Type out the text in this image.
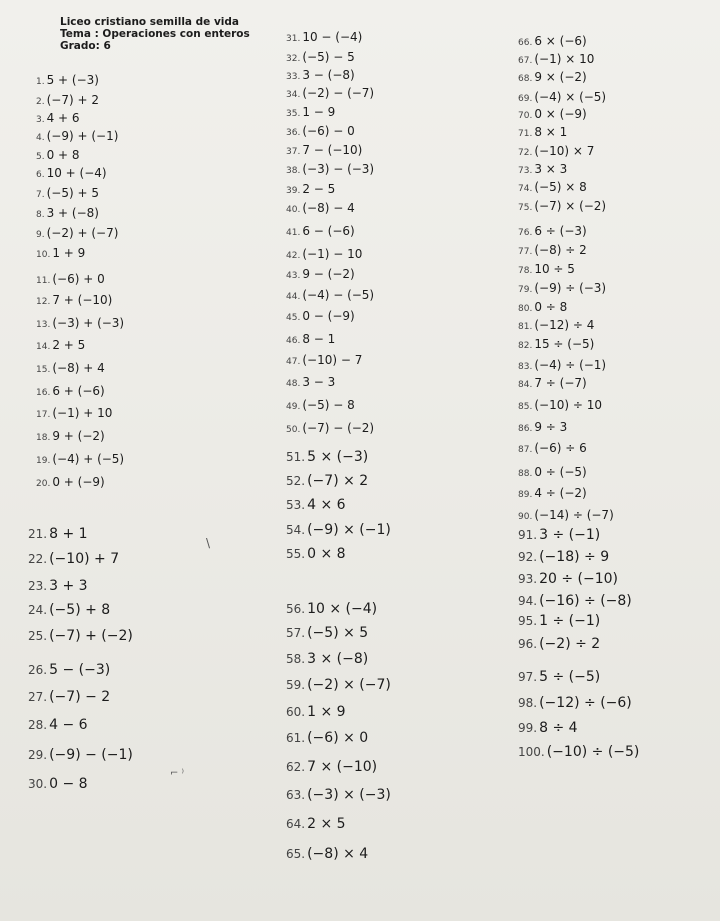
Liceo cristiano semilla de vida
Tema : Operaciones con enteros
Grado: 6
1. 5 + (−3)
2. (−7) + 2
3. 4 + 6
4. (−9) + (−1)
5. 0 + 8
6. 10 + (−4)
7. (−5) + 5
8. 3 + (−8)
9. (−2) + (−7)
10. 1 + 9
11. (−6) + 0
12. 7 + (−10)
13. (−3) + (−3)
14. 2 + 5
15. (−8) + 4
16. 6 + (−6)
17. (−1) + 10
18. 9 + (−2)
19. (−4) + (−5)
20. 0 + (−9)
21. 8 + 1
22. (−10) + 7
23. 3 + 3
24. (−5) + 8
25. (−7) + (−2)
26. 5 − (−3)
27. (−7) − 2
28. 4 − 6
29. (−9) − (−1)
30. 0 − 8
31. 10 − (−4)
32. (−5) − 5
33. 3 − (−8)
34. (−2) − (−7)
35. 1 − 9
36. (−6) − 0
37. 7 − (−10)
38. (−3) − (−3)
39. 2 − 5
40. (−8) − 4
41. 6 − (−6)
42. (−1) − 10
43. 9 − (−2)
44. (−4) − (−5)
45. 0 − (−9)
46. 8 − 1
47. (−10) − 7
48. 3 − 3
49. (−5) − 8
50. (−7) − (−2)
51. 5 × (−3)
52. (−7) × 2
53. 4 × 6
54. (−9) × (−1)
55. 0 × 8
56. 10 × (−4)
57. (−5) × 5
58. 3 × (−8)
59. (−2) × (−7)
60. 1 × 9
61. (−6) × 0
62. 7 × (−10)
63. (−3) × (−3)
64. 2 × 5
65. (−8) × 4
66. 6 × (−6)
67. (−1) × 10
68. 9 × (−2)
69. (−4) × (−5)
70. 0 × (−9)
71. 8 × 1
72. (−10) × 7
73. 3 × 3
74. (−5) × 8
75. (−7) × (−2)
76. 6 ÷ (−3)
77. (−8) ÷ 2
78. 10 ÷ 5
79. (−9) ÷ (−3)
80. 0 ÷ 8
81. (−12) ÷ 4
82. 15 ÷ (−5)
83. (−4) ÷ (−1)
84. 7 ÷ (−7)
85. (−10) ÷ 10
86. 9 ÷ 3
87. (−6) ÷ 6
88. 0 ÷ (−5)
89. 4 ÷ (−2)
90. (−14) ÷ (−7)
91. 3 ÷ (−1)
92. (−18) ÷ 9
93. 20 ÷ (−10)
94. (−16) ÷ (−8)
95. 1 ÷ (−1)
96. (−2) ÷ 2
97. 5 ÷ (−5)
98. (−12) ÷ (−6)
99. 8 ÷ 4
100. (−10) ÷ (−5)
\
⌐ ⁾
